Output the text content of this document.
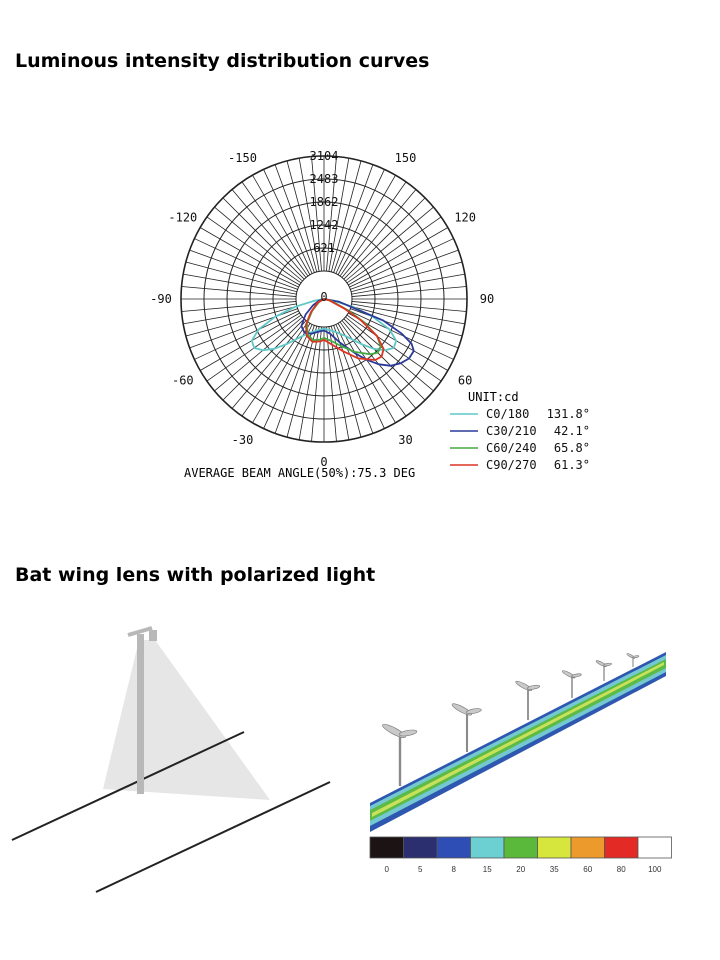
Luminous intensity distribution curves
Bat wing lens with polarized light
0
621
1242
1862
2483
3104
0
30
60
90
120
150
-30
-60
-90
-120
-150
AVERAGE BEAM ANGLE(50%):75.3 DEG
UNIT:cd
C0/180 131.8°
C30/210 42.1°
C60/240 65.8°
C90/270 61.3°
0	5	8	15	20	35	60	80	100
